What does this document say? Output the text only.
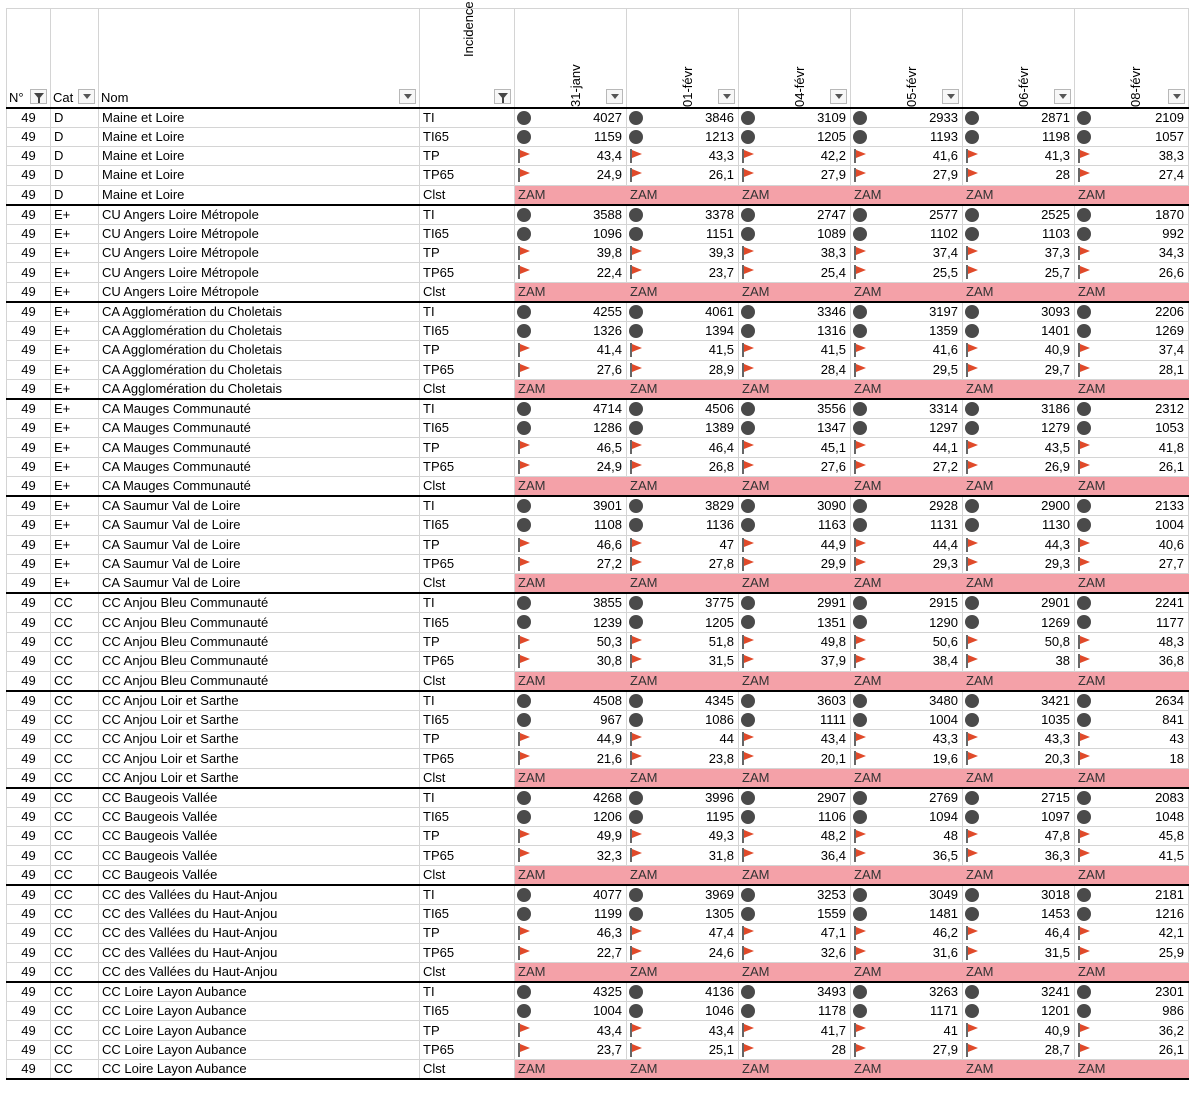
N°	Cat	Nom	Incidence	31-janv	01-févr	04-févr	05-févr	06-févr	08-févr

49	D	Maine et Loire	TI	4027	3846	3109	2933	2871	2109
49	D	Maine et Loire	TI65	1159	1213	1205	1193	1198	1057
49	D	Maine et Loire	TP	43,4	43,3	42,2	41,6	41,3	38,3
49	D	Maine et Loire	TP65	24,9	26,1	27,9	27,9	28	27,4
49	D	Maine et Loire	Clst	ZAM	ZAM	ZAM	ZAM	ZAM	ZAM
49	E+	CU Angers Loire Métropole	TI	3588	3378	2747	2577	2525	1870
49	E+	CU Angers Loire Métropole	TI65	1096	1151	1089	1102	1103	992
49	E+	CU Angers Loire Métropole	TP	39,8	39,3	38,3	37,4	37,3	34,3
49	E+	CU Angers Loire Métropole	TP65	22,4	23,7	25,4	25,5	25,7	26,6
49	E+	CU Angers Loire Métropole	Clst	ZAM	ZAM	ZAM	ZAM	ZAM	ZAM
49	E+	CA Agglomération du Choletais	TI	4255	4061	3346	3197	3093	2206
49	E+	CA Agglomération du Choletais	TI65	1326	1394	1316	1359	1401	1269
49	E+	CA Agglomération du Choletais	TP	41,4	41,5	41,5	41,6	40,9	37,4
49	E+	CA Agglomération du Choletais	TP65	27,6	28,9	28,4	29,5	29,7	28,1
49	E+	CA Agglomération du Choletais	Clst	ZAM	ZAM	ZAM	ZAM	ZAM	ZAM
49	E+	CA Mauges Communauté	TI	4714	4506	3556	3314	3186	2312
49	E+	CA Mauges Communauté	TI65	1286	1389	1347	1297	1279	1053
49	E+	CA Mauges Communauté	TP	46,5	46,4	45,1	44,1	43,5	41,8
49	E+	CA Mauges Communauté	TP65	24,9	26,8	27,6	27,2	26,9	26,1
49	E+	CA Mauges Communauté	Clst	ZAM	ZAM	ZAM	ZAM	ZAM	ZAM
49	E+	CA Saumur Val de Loire	TI	3901	3829	3090	2928	2900	2133
49	E+	CA Saumur Val de Loire	TI65	1108	1136	1163	1131	1130	1004
49	E+	CA Saumur Val de Loire	TP	46,6	47	44,9	44,4	44,3	40,6
49	E+	CA Saumur Val de Loire	TP65	27,2	27,8	29,9	29,3	29,3	27,7
49	E+	CA Saumur Val de Loire	Clst	ZAM	ZAM	ZAM	ZAM	ZAM	ZAM
49	CC	CC Anjou Bleu Communauté	TI	3855	3775	2991	2915	2901	2241
49	CC	CC Anjou Bleu Communauté	TI65	1239	1205	1351	1290	1269	1177
49	CC	CC Anjou Bleu Communauté	TP	50,3	51,8	49,8	50,6	50,8	48,3
49	CC	CC Anjou Bleu Communauté	TP65	30,8	31,5	37,9	38,4	38	36,8
49	CC	CC Anjou Bleu Communauté	Clst	ZAM	ZAM	ZAM	ZAM	ZAM	ZAM
49	CC	CC Anjou Loir et Sarthe	TI	4508	4345	3603	3480	3421	2634
49	CC	CC Anjou Loir et Sarthe	TI65	967	1086	1111	1004	1035	841
49	CC	CC Anjou Loir et Sarthe	TP	44,9	44	43,4	43,3	43,3	43
49	CC	CC Anjou Loir et Sarthe	TP65	21,6	23,8	20,1	19,6	20,3	18
49	CC	CC Anjou Loir et Sarthe	Clst	ZAM	ZAM	ZAM	ZAM	ZAM	ZAM
49	CC	CC Baugeois Vallée	TI	4268	3996	2907	2769	2715	2083
49	CC	CC Baugeois Vallée	TI65	1206	1195	1106	1094	1097	1048
49	CC	CC Baugeois Vallée	TP	49,9	49,3	48,2	48	47,8	45,8
49	CC	CC Baugeois Vallée	TP65	32,3	31,8	36,4	36,5	36,3	41,5
49	CC	CC Baugeois Vallée	Clst	ZAM	ZAM	ZAM	ZAM	ZAM	ZAM
49	CC	CC des Vallées du Haut-Anjou	TI	4077	3969	3253	3049	3018	2181
49	CC	CC des Vallées du Haut-Anjou	TI65	1199	1305	1559	1481	1453	1216
49	CC	CC des Vallées du Haut-Anjou	TP	46,3	47,4	47,1	46,2	46,4	42,1
49	CC	CC des Vallées du Haut-Anjou	TP65	22,7	24,6	32,6	31,6	31,5	25,9
49	CC	CC des Vallées du Haut-Anjou	Clst	ZAM	ZAM	ZAM	ZAM	ZAM	ZAM
49	CC	CC Loire Layon Aubance	TI	4325	4136	3493	3263	3241	2301
49	CC	CC Loire Layon Aubance	TI65	1004	1046	1178	1171	1201	986
49	CC	CC Loire Layon Aubance	TP	43,4	43,4	41,7	41	40,9	36,2
49	CC	CC Loire Layon Aubance	TP65	23,7	25,1	28	27,9	28,7	26,1
49	CC	CC Loire Layon Aubance	Clst	ZAM	ZAM	ZAM	ZAM	ZAM	ZAM
